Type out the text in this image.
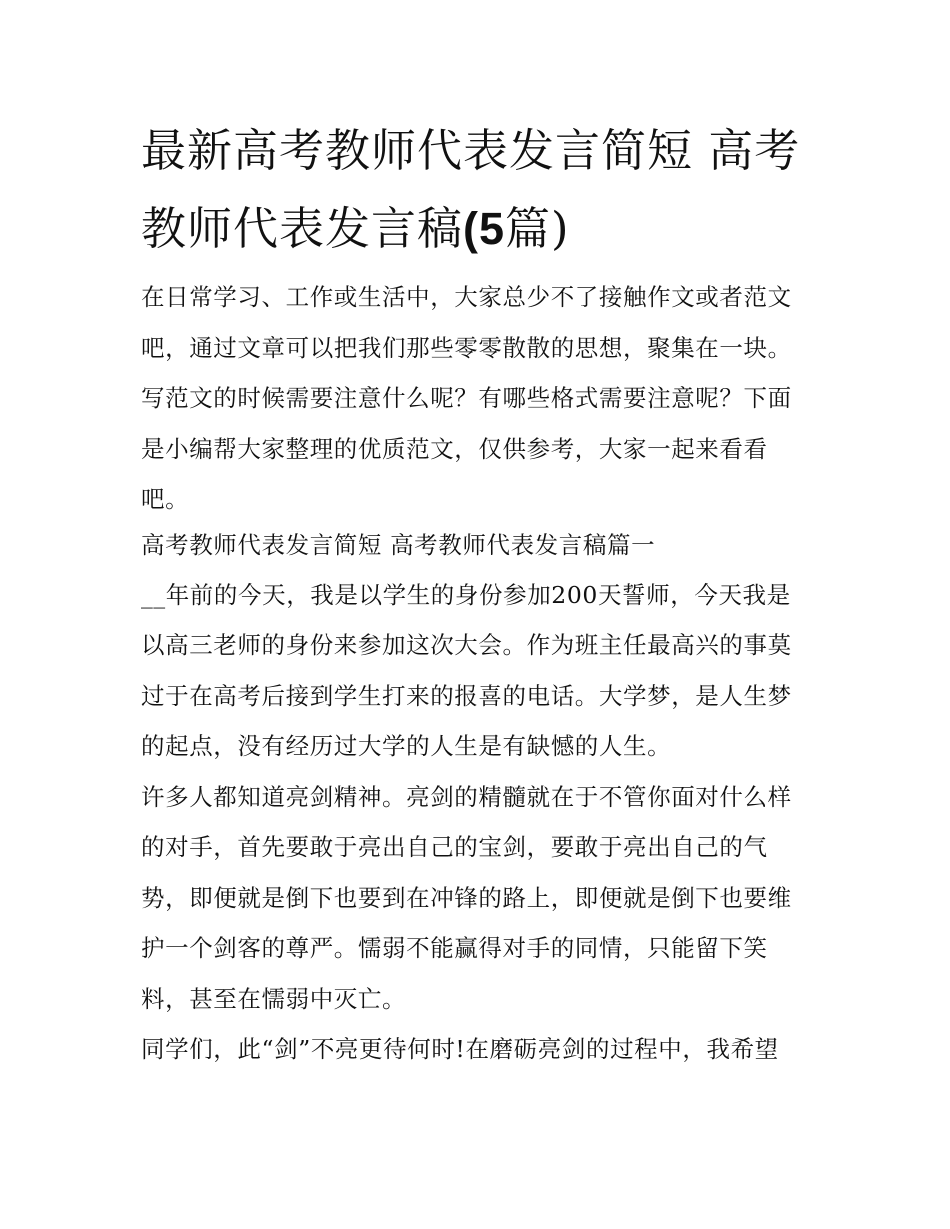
最新高考教师代表发言简短 高考教师代表发言稿(5篇)

在日常学习、工作或生活中，大家总少不了接触作文或者范文吧，通过文章可以把我们那些零零散散的思想，聚集在一块。写范文的时候需要注意什么呢？有哪些格式需要注意呢？下面是小编帮大家整理的优质范文，仅供参考，大家一起来看看吧。

高考教师代表发言简短 高考教师代表发言稿篇一

__年前的今天，我是以学生的身份参加200天誓师，今天我是以高三老师的身份来参加这次大会。作为班主任最高兴的事莫过于在高考后接到学生打来的报喜的电话。大学梦，是人生梦的起点，没有经历过大学的人生是有缺憾的人生。

许多人都知道亮剑精神。亮剑的精髓就在于不管你面对什么样的对手，首先要敢于亮出自己的宝剑，要敢于亮出自己的气势，即便就是倒下也要到在冲锋的路上，即便就是倒下也要维护一个剑客的尊严。懦弱不能赢得对手的同情，只能留下笑料，甚至在懦弱中灭亡。

同学们，此“剑”不亮更待何时!在磨砺亮剑的过程中，我希望
